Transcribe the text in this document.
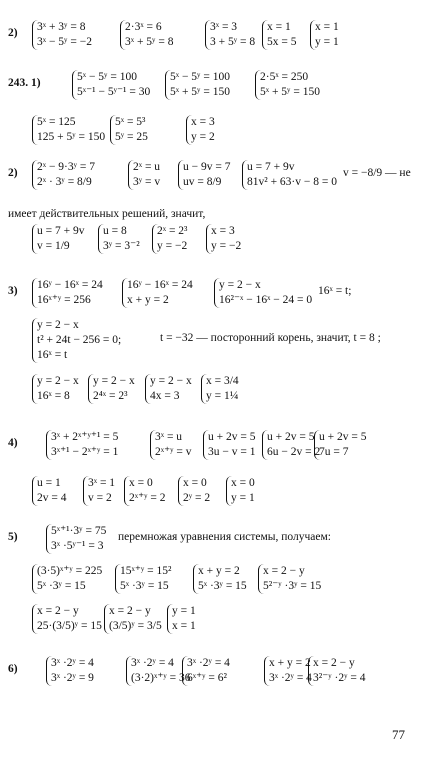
2) 3ˣ + 3ʸ = 8
3ˣ − 5ʸ = −2
2·3ˣ = 6
3ˣ + 5ʸ = 8
3ˣ = 3
3 + 5ʸ = 8
x = 1
5x = 5
x = 1
y = 1
243. 1)	5ˣ − 5ʸ = 100
5ˣ⁻¹ − 5ʸ⁻¹ = 30
5ˣ − 5ʸ = 100
5ˣ + 5ʸ = 150
2·5ˣ = 250
5ˣ + 5ʸ = 150
5ˣ = 125
125 + 5ʸ = 150
5ˣ = 5³
5ʸ = 25
x = 3
y = 2
2) 2ˣ − 9·3ʸ = 7
2ˣ · 3ʸ = 8/9
2ˣ = u
3ʸ = v
u − 9v = 7
uv = 8/9
u = 7 + 9v
81v² + 63·v − 8 = 0
v = −8/9 — не
имеет действительных решений, значит,
u = 7 + 9v
v = 1/9
u = 8
3ʸ = 3⁻²
2ˣ = 2³
y = −2
x = 3
y = −2
3) 16ʸ − 16ˣ = 24
16ˣ⁺ʸ = 256
16ʸ − 16ˣ = 24
x + y = 2
y = 2 − x
16²⁻ˣ − 16ˣ − 24 = 0
16ˣ = t;
y = 2 − x
t² + 24t − 256 = 0;
16ˣ = t
t = −32 — посторонний корень, значит, t = 8 ;
y = 2 − x
16ˣ = 8
y = 2 − x
2⁴ˣ = 2³
y = 2 − x
4x = 3
x = 3/4
y = 1¼
4)	3ˣ + 2ˣ⁺ʸ⁺¹ = 5
3ˣ⁺¹ − 2ˣ⁺ʸ = 1
3ˣ = u
2ˣ⁺ʸ = v
u + 2v = 5
3u − v = 1
u + 2v = 5
6u − 2v = 2
u + 2v = 5
7u = 7
u = 1
2v = 4
3ˣ = 1
v = 2
x = 0
2ˣ⁺ʸ = 2
x = 0
2ʸ = 2
x = 0
y = 1
5)	5ˣ⁺¹·3ʸ = 75
3ˣ ·5ʸ⁻¹ = 3
перемножая уравнения системы, получаем:
(3·5)ˣ⁺ʸ = 225
5ˣ ·3ʸ = 15
15ˣ⁺ʸ = 15²
5ˣ ·3ʸ = 15
x + y = 2
5ˣ ·3ʸ = 15
x = 2 − y
5²⁻ʸ ·3ʸ = 15
x = 2 − y
25·(3/5)ʸ = 15
x = 2 − y
(3/5)ʸ = 3/5
y = 1
x = 1
6)	3ˣ ·2ʸ = 4
3ˣ ·2ʸ = 9
3ˣ ·2ʸ = 4
(3·2)ˣ⁺ʸ = 36
3ˣ ·2ʸ = 4
6ˣ⁺ʸ = 6²
x + y = 2
3ˣ ·2ʸ = 4
x = 2 − y
3²⁻ʸ ·2ʸ = 4
77
